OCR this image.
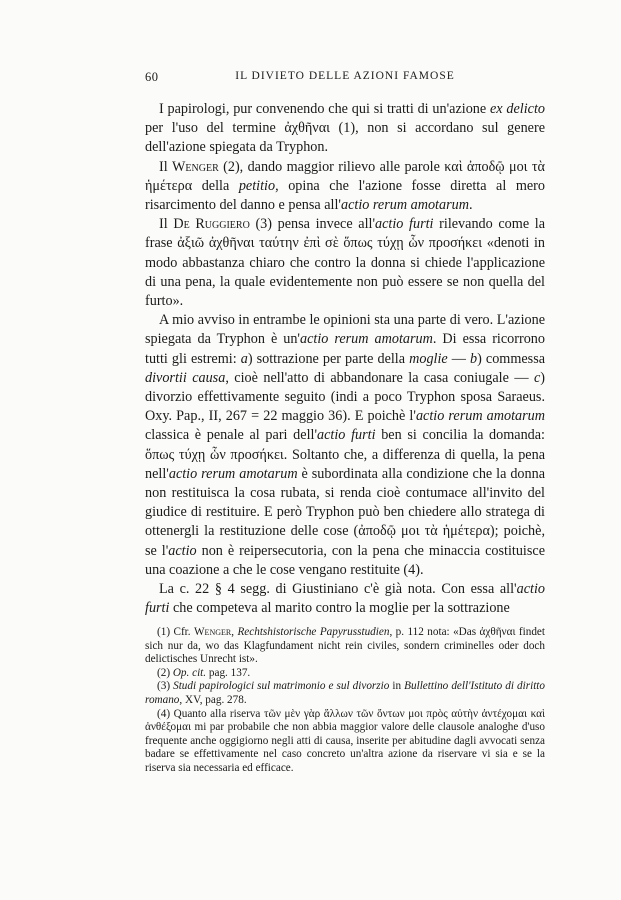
60	IL DIVIETO DELLE AZIONI FAMOSE

I papirologi, pur convenendo che qui si tratti di un'azione ex delicto per l'uso del termine ἀχθῆναι (1), non si accordano sul genere dell'azione spiegata da Tryphon.

Il Wenger (2), dando maggior rilievo alle parole καὶ ἀποδῷ μοι τὰ ἡμέτερα della petitio, opina che l'azione fosse diretta al mero risarcimento del danno e pensa all'actio rerum amotarum.

Il De Ruggiero (3) pensa invece all'actio furti rilevando come la frase ἀξιῶ ἀχθῆναι ταύτην ἐπὶ σὲ ὅπως τύχῃ ὧν προσήκει «denoti in modo abbastanza chiaro che contro la donna si chiede l'applicazione di una pena, la quale evidentemente non può essere se non quella del furto».

A mio avviso in entrambe le opinioni sta una parte di vero. L'azione spiegata da Tryphon è un'actio rerum amotarum. Di essa ricorrono tutti gli estremi: a) sottrazione per parte della moglie — b) commessa divortii causa, cioè nell'atto di abbandonare la casa coniugale — c) divorzio effettivamente seguito (indi a poco Tryphon sposa Saraeus. Oxy. Pap., II, 267 = 22 maggio 36). E poichè l'actio rerum amotarum classica è penale al pari dell'actio furti ben si concilia la domanda: ὅπως τύχῃ ὧν προσήκει. Soltanto che, a differenza di quella, la pena nell'actio rerum amotarum è subordinata alla condizione che la donna non restituisca la cosa rubata, si renda cioè contumace all'invito del giudice di restituire. E però Tryphon può ben chiedere allo stratega di ottenergli la restituzione delle cose (ἀποδῷ μοι τὰ ἡμέτερα); poichè, se l'actio non è reipersecutoria, con la pena che minaccia costituisce una coazione a che le cose vengano restituite (4).

La c. 22 § 4 segg. di Giustiniano c'è già nota. Con essa all'actio furti che competeva al marito contro la moglie per la sottrazione

(1) Cfr. Wenger, Rechtshistorische Papyrusstudien, p. 112 nota: «Das ἀχθῆναι findet sich nur da, wo das Klagfundament nicht rein civiles, sondern criminelles oder doch delictisches Unrecht ist».

(2) Op. cit. pag. 137.

(3) Studi papirologici sul matrimonio e sul divorzio in Bullettino dell'Istituto di diritto romano, XV, pag. 278.

(4) Quanto alla riserva τῶν μὲν γὰρ ἄλλων τῶν ὄντων μοι πρὸς αὐτὴν ἀντέχομαι καὶ ἀνθέξομαι mi par probabile che non abbia maggior valore delle clausole analoghe d'uso frequente anche oggigiorno negli atti di causa, inserite per abitudine dagli avvocati senza badare se effettivamente nel caso concreto un'altra azione da riservare vi sia e se la riserva sia necessaria ed efficace.
